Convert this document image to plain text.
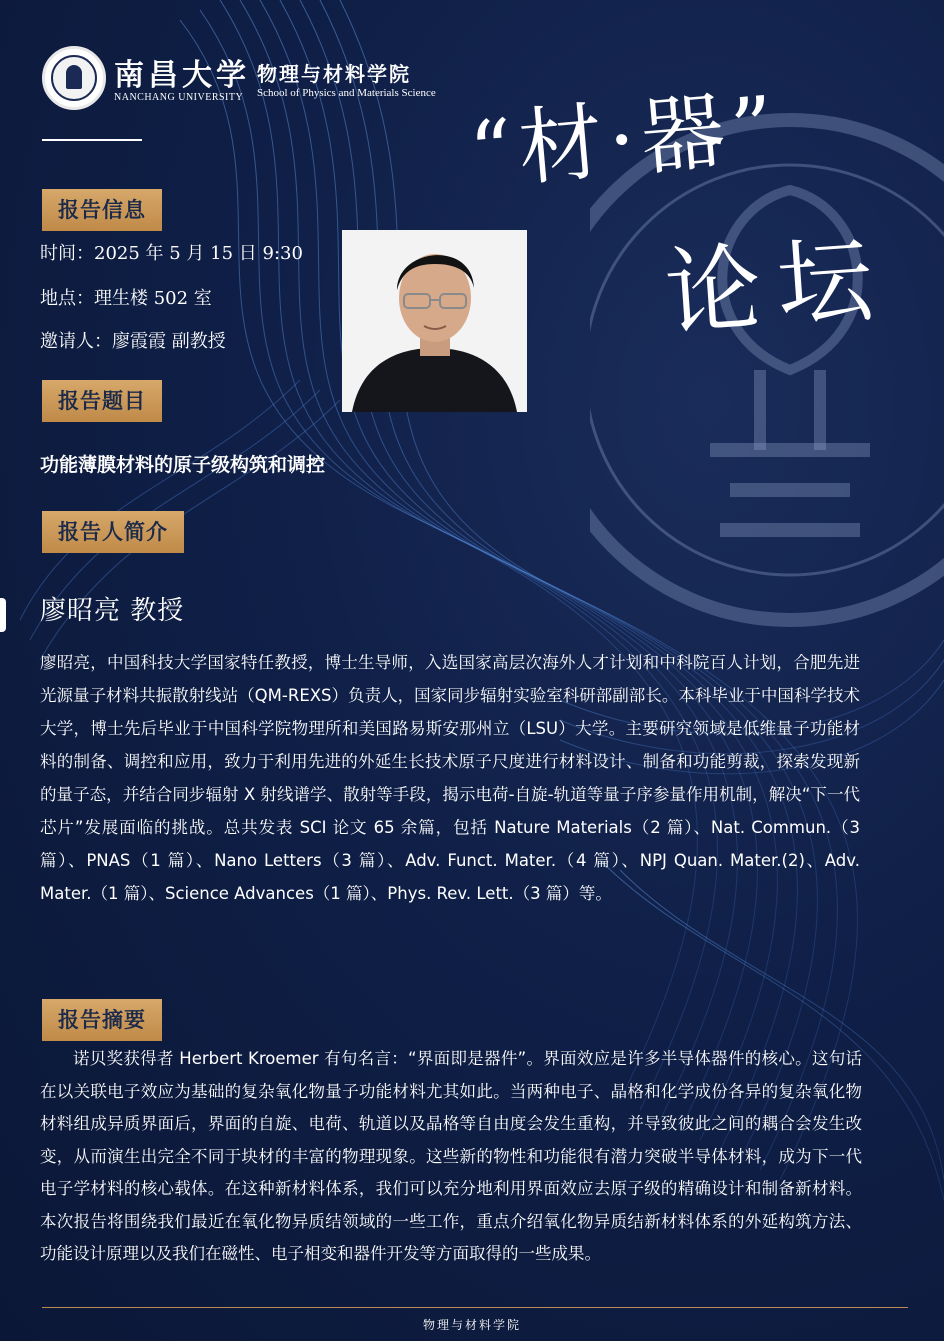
南昌大学
NANCHANG UNIVERSITY
物理与材料学院
School of Physics and Materials Science “材·器”
论坛
报告信息
时间：2025 年 5 月 15 日 9:30
地点：理生楼 502 室
邀请人：廖霞霞 副教授
报告题目
功能薄膜材料的原子级构筑和调控
报告人简介
廖昭亮 教授
廖昭亮，中国科技大学国家特任教授，博士生导师，入选国家高层次海外人才计划和中科院百人计划，合肥先进光源量子材料共振散射线站（QM-REXS）负责人，国家同步辐射实验室科研部副部长。本科毕业于中国科学技术大学，博士先后毕业于中国科学院物理所和美国路易斯安那州立（LSU）大学。主要研究领域是低维量子功能材料的制备、调控和应用，致力于利用先进的外延生长技术原子尺度进行材料设计、制备和功能剪裁，探索发现新的量子态，并结合同步辐射 X 射线谱学、散射等手段，揭示电荷-自旋-轨道等量子序参量作用机制，解决“下一代芯片”发展面临的挑战。总共发表 SCI 论文 65 余篇，包括 Nature Materials（2 篇）、Nat. Commun.（3 篇）、PNAS（1 篇）、Nano Letters（3 篇）、Adv. Funct. Mater.（4 篇）、NPJ Quan. Mater.(2)、Adv. Mater.（1 篇）、Science Advances（1 篇）、Phys. Rev. Lett.（3 篇）等。
报告摘要
诺贝奖获得者 Herbert Kroemer 有句名言：“界面即是器件”。界面效应是许多半导体器件的核心。这句话在以关联电子效应为基础的复杂氧化物量子功能材料尤其如此。当两种电子、晶格和化学成份各异的复杂氧化物材料组成异质界面后，界面的自旋、电荷、轨道以及晶格等自由度会发生重构，并导致彼此之间的耦合会发生改变，从而演生出完全不同于块材的丰富的物理现象。这些新的物性和功能很有潜力突破半导体材料，成为下一代电子学材料的核心载体。在这种新材料体系，我们可以充分地利用界面效应去原子级的精确设计和制备新材料。本次报告将围绕我们最近在氧化物异质结领域的一些工作，重点介绍氧化物异质结新材料体系的外延构筑方法、功能设计原理以及我们在磁性、电子相变和器件开发等方面取得的一些成果。
物理与材料学院
